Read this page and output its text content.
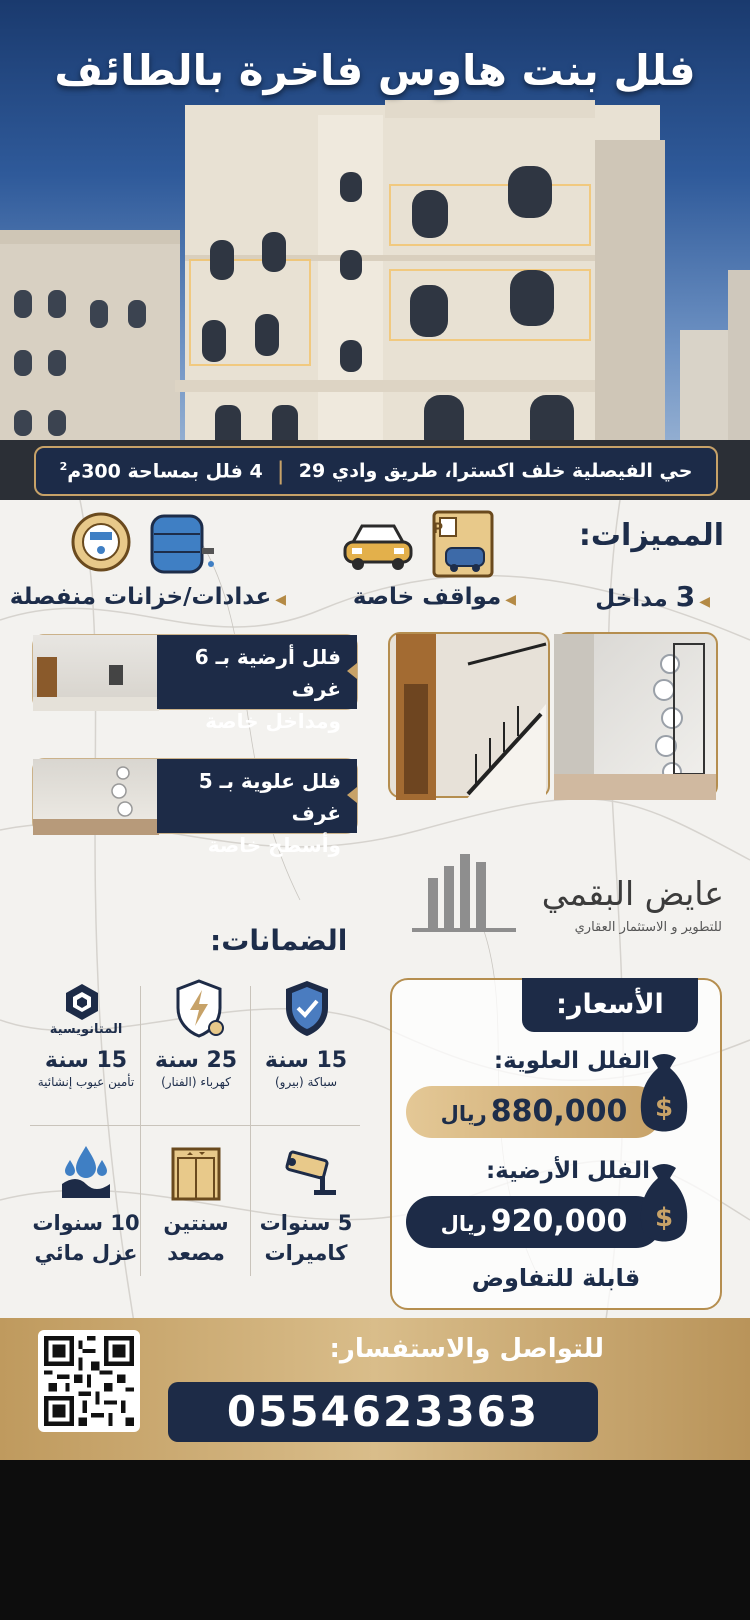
فلل بنت هاوس فاخرة بالطائف
حي الفيصلية خلف اكسترا، طريق وادي 29
|
4 فلل بمساحة 300م$^2$
المميزات:
P
◀3 مداخل
◀مواقف خاصة
◀عدادات/خزانات منفصلة
فلل أرضية بـ 6 غرف
ومداخل خاصة
فلل علوية بـ 5 غرف
وأسطح خاصة
عايض البقمي
للتطوير و الاستثمار العقاري
الضمانات:
المتانويسية
15 سنة
سباكة (بيرو)
25 سنة
كهرباء (الفنار)
15 سنة
تأمين عيوب إنشائية
5 سنوات
كاميرات
سنتين
مصعد
10 سنوات
عزل مائي
الأسعار:
الفلل العلوية:
880,000ريال	$
الفلل الأرضية:
920,000ريال	$
قابلة للتفاوض
للتواصل والاستفسار:
0554623363
